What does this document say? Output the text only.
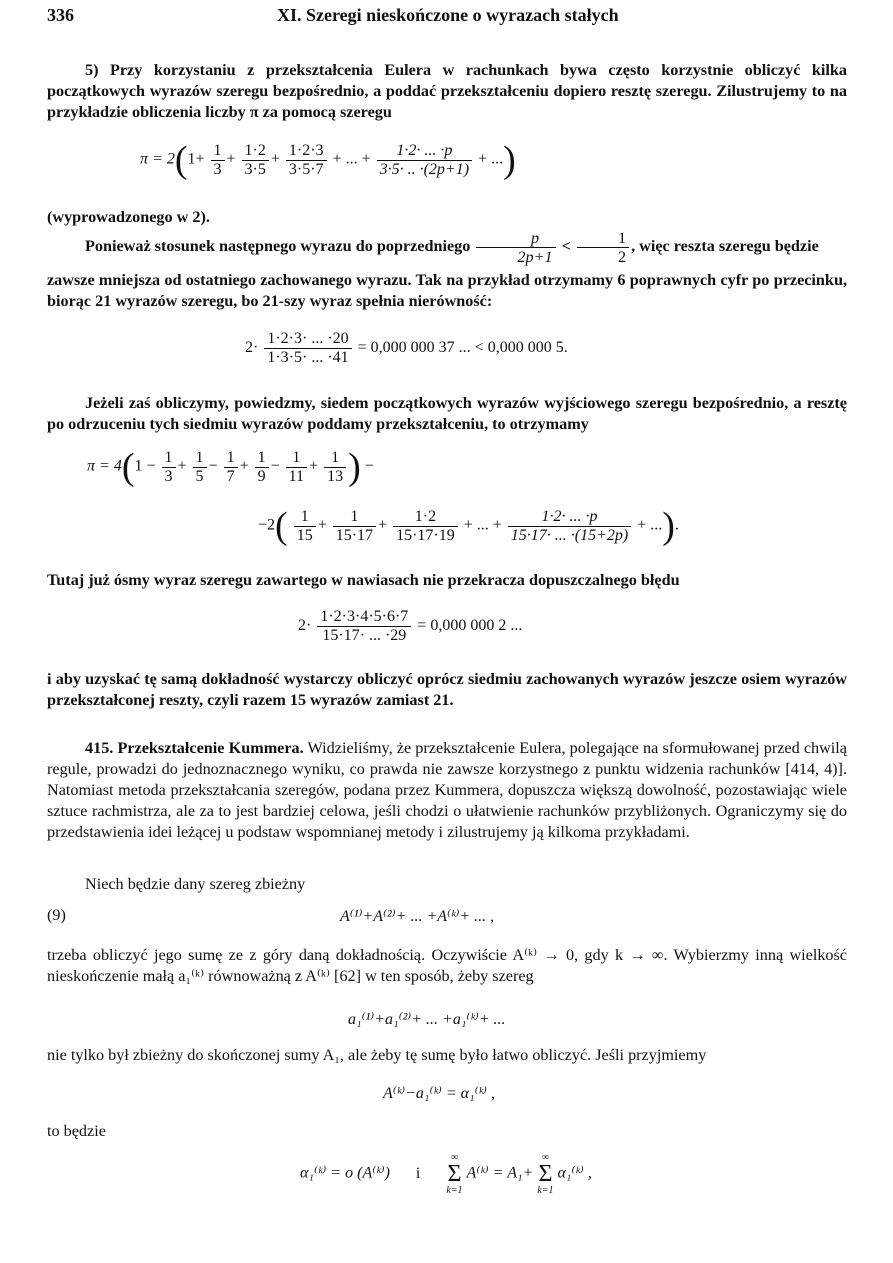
336	XI. Szeregi nieskończone o wyrazach stałych
5) Przy korzystaniu z przekształcenia Eulera w rachunkach bywa często korzystnie obliczyć kilka początkowych wyrazów szeregu bezpośrednio, a poddać przekształceniu dopiero resztę szeregu. Zilustrujemy to na przykładzie obliczenia liczby π za pomocą szeregu
$\pi = 2(1+ \frac{1}{3} + \frac{1\cdot 2}{3\cdot 5} + \frac{1\cdot 2\cdot 3}{3\cdot 5\cdot 7}$ + ... + $\frac{1\cdot 2\cdot ... \cdot p}{3\cdot 5\cdot .. \cdot(2p+1)}$ + ...)
(wyprowadzonego w 2).
Ponieważ stosunek następnego wyrazu do poprzedniego $\frac{p}{2p+1} < \frac{1}{2}$ , więc reszta szeregu będzie
zawsze mniejsza od ostatniego zachowanego wyrazu. Tak na przykład otrzymamy 6 poprawnych cyfr po przecinku, biorąc 21 wyrazów szeregu, bo 21-szy wyraz spełnia nierówność:
$2\cdot \frac{1\cdot 2\cdot 3\cdot ... \cdot 20}{1\cdot 3\cdot 5\cdot ... \cdot 41} = 0,000$ 000 37 ... < 0,000 000 5.
Jeżeli zaś obliczymy, powiedzmy, siedem początkowych wyrazów wyjściowego szeregu bezpośrednio, a resztę po odrzuceniu tych siedmiu wyrazów poddamy przekształceniu, to otrzymamy
$\pi = 4(1 - \frac{1}{3} + \frac{1}{5} - \frac{1}{7} + \frac{1}{9} - \frac{1}{11} + \frac{1}{13}$ ) −
$-2( \frac{1}{15} + \frac{1}{15\cdot 17} + \frac{1\cdot 2}{15\cdot 17\cdot 19}$ + ... + $\frac{1\cdot 2\cdot ... \cdot p}{15\cdot 17\cdot ... \cdot(15+2p)}$ + ...).
Tutaj już ósmy wyraz szeregu zawartego w nawiasach nie przekracza dopuszczalnego błędu
$2\cdot \frac{1\cdot 2\cdot 3\cdot 4\cdot 5\cdot 6\cdot 7}{15\cdot 17\cdot ... \cdot 29} = 0,000$ 000 2 ...
i aby uzyskać tę samą dokładność wystarczy obliczyć oprócz siedmiu zachowanych wyrazów jeszcze osiem wyrazów przekształconej reszty, czyli razem 15 wyrazów zamiast 21.
415. Przekształcenie Kummera. Widzieliśmy, że przekształcenie Eulera, polegające na sformułowanej przed chwilą regule, prowadzi do jednoznacznego wyniku, co prawda nie zawsze korzystnego z punktu widzenia rachunków [414, 4)]. Natomiast metoda przekształcania szeregów, podana przez Kummera, dopuszcza większą dowolność, pozostawiając wiele sztuce rachmistrza, ale za to jest bardziej celowa, jeśli chodzi o ułatwienie rachunków przybliżonych. Ograniczymy się do przedstawienia idei leżącej u podstaw wspomnianej metody i zilustrujemy ją kilkoma przykładami.
Niech będzie dany szereg zbieżny
(9)	A⁽¹⁾+A⁽²⁾+ ... +A⁽ᵏ⁾+ ... ,
trzeba obliczyć jego sumę ze z góry daną dokładnością. Oczywiście A⁽ᵏ⁾ → 0, gdy k → ∞. Wybierzmy inną wielkość nieskończenie małą a₁⁽ᵏ⁾ równoważną z A⁽ᵏ⁾ [62] w ten sposób, żeby szereg
a₁⁽¹⁾+a₁⁽²⁾+ ... +a₁⁽ᵏ⁾+ ...
nie tylko był zbieżny do skończonej sumy A₁, ale żeby tę sumę było łatwo obliczyć. Jeśli przyjmiemy
A⁽ᵏ⁾−a₁⁽ᵏ⁾ = α₁⁽ᵏ⁾ ,
to będzie
α₁⁽ᵏ⁾ = o (A⁽ᵏ⁾) i ∞
Σ
k=1 A⁽ᵏ⁾ = A₁+ ∞
Σ
k=1 α₁⁽ᵏ⁾ ,
